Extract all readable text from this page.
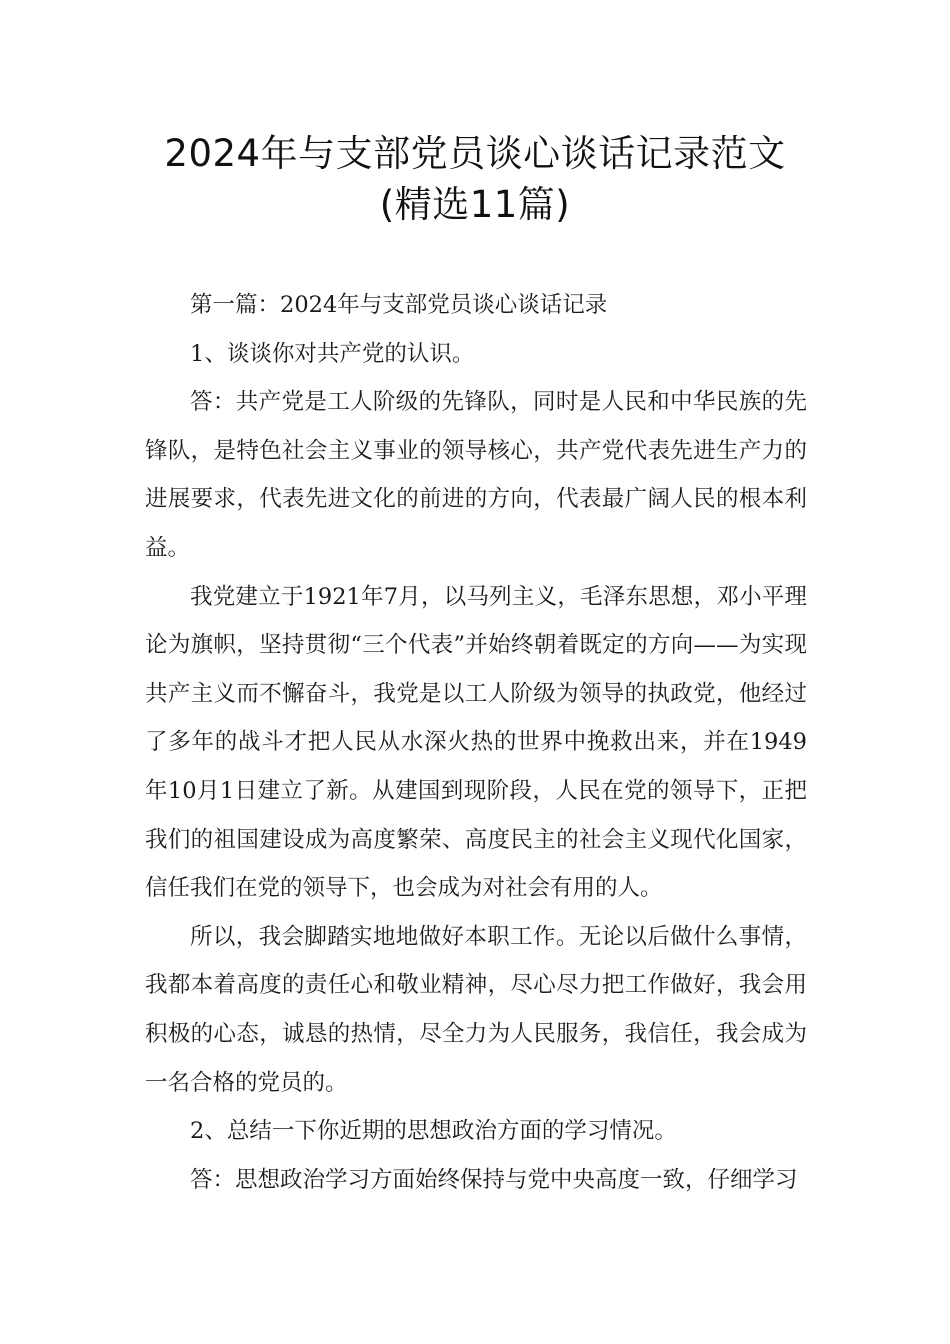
2024年与支部党员谈心谈话记录范文
(精选11篇)

第一篇：2024年与支部党员谈心谈话记录

1、谈谈你对共产党的认识。

答：共产党是工人阶级的先锋队，同时是人民和中华民族的先锋队，是特色社会主义事业的领导核心，共产党代表先进生产力的进展要求，代表先进文化的前进的方向，代表最广阔人民的根本利益。

我党建立于1921年7月，以马列主义，毛泽东思想，邓小平理论为旗帜，坚持贯彻“三个代表”并始终朝着既定的方向——为实现共产主义而不懈奋斗，我党是以工人阶级为领导的执政党，他经过了多年的战斗才把人民从水深火热的世界中挽救出来，并在1949年10月1日建立了新。从建国到现阶段，人民在党的领导下，正把我们的祖国建设成为高度繁荣、高度民主的社会主义现代化国家，信任我们在党的领导下，也会成为对社会有用的人。

所以，我会脚踏实地地做好本职工作。无论以后做什么事情，我都本着高度的责任心和敬业精神，尽心尽力把工作做好，我会用积极的心态，诚恳的热情，尽全力为人民服务，我信任，我会成为一名合格的党员的。

2、总结一下你近期的思想政治方面的学习情况。

答：思想政治学习方面始终保持与党中央高度一致，仔细学习
